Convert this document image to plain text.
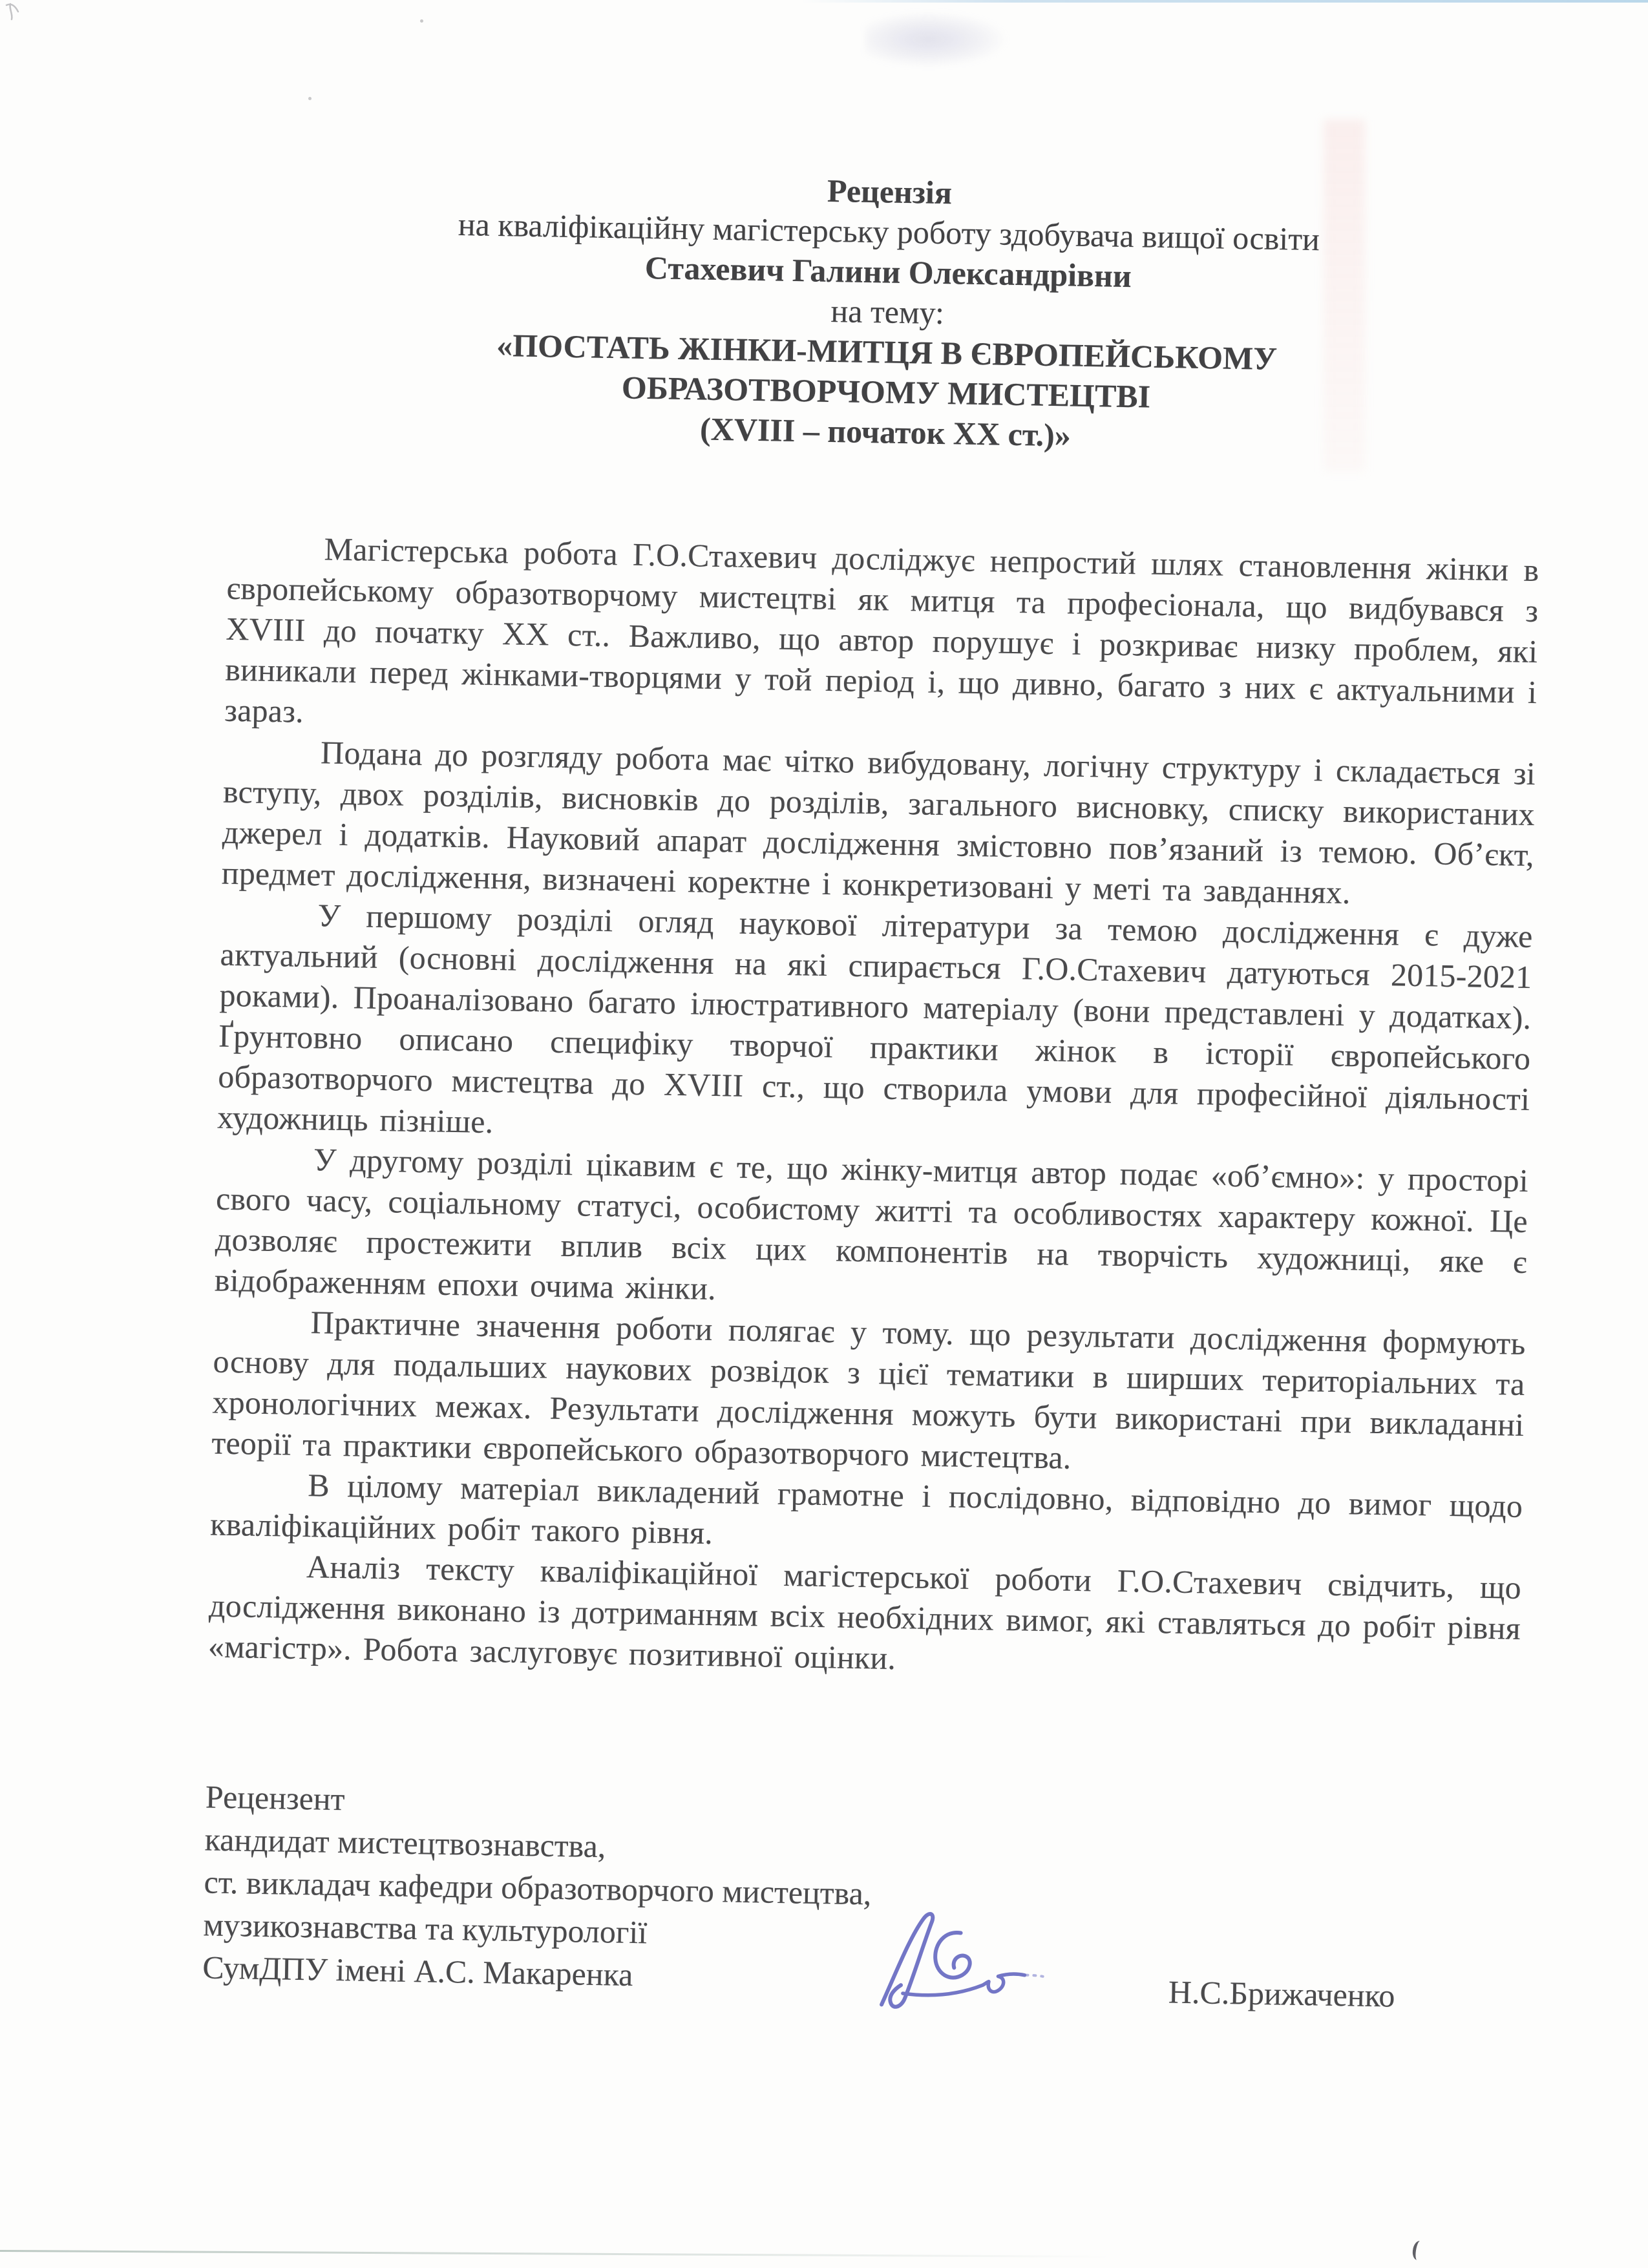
Рецензія
на кваліфікаційну магістерську роботу здобувача вищої освіти
Стахевич Галини Олександрівни
на тему:
«ПОСТАТЬ ЖІНКИ-МИТЦЯ В ЄВРОПЕЙСЬКОМУ
ОБРАЗОТВОРЧОМУ МИСТЕЦТВІ
(XVIII – початок XX ст.)»

Магістерська робота Г.О.Стахевич досліджує непростий шлях становлення жінки в європейському образотворчому мистецтві як митця та професіонала, що видбувався з XVIII до початку XX ст.. Важливо, що автор порушує і розкриває низку проблем, які виникали перед жінками-творцями у той період і, що дивно, багато з них є актуальними і зараз.

Подана до розгляду робота має чітко вибудовану, логічну структуру і складається зі вступу, двох розділів, висновків до розділів, загального висновку, списку використаних джерел і додатків. Науковий апарат дослідження змістовно пов’язаний із темою. Об’єкт, предмет дослідження, визначені коректне і конкретизовані у меті та завданнях.

У першому розділі огляд наукової літератури за темою дослідження є дуже актуальний (основні дослідження на які спирається Г.О.Стахевич датуються 2015-2021 роками). Проаналізовано багато ілюстративного матеріалу (вони представлені у додатках). Ґрунтовно описано специфіку творчої практики жінок в історії європейського образотворчого мистецтва до XVIII ст., що створила умови для професійної діяльності художниць пізніше.

У другому розділі цікавим є те, що жінку-митця автор подає «об’ємно»: у просторі свого часу, соціальному статусі, особистому житті та особливостях характеру кожної. Це дозволяє простежити вплив всіх цих компонентів на творчість художниці, яке є відображенням епохи очима жінки.

Практичне значення роботи полягає у тому. що результати дослідження формують основу для подальших наукових розвідок з цієї тематики в ширших територіальних та хронологічних межах. Результати дослідження можуть бути використані при викладанні теорії та практики європейського образотворчого мистецтва.

В цілому матеріал викладений грамотне і послідовно, відповідно до вимог щодо кваліфікаційних робіт такого рівня.

Аналіз тексту кваліфікаційної магістерської роботи Г.О.Стахевич свідчить, що дослідження виконано із дотриманням всіх необхідних вимог, які ставляться до робіт рівня «магістр». Робота заслуговує позитивної оцінки.

Рецензент
кандидат мистецтвознавства,
ст. викладач кафедри образотворчого мистецтва,
музикознавства та культурології
СумДПУ імені А.С. Макаренка
Н.С.Брижаченко
